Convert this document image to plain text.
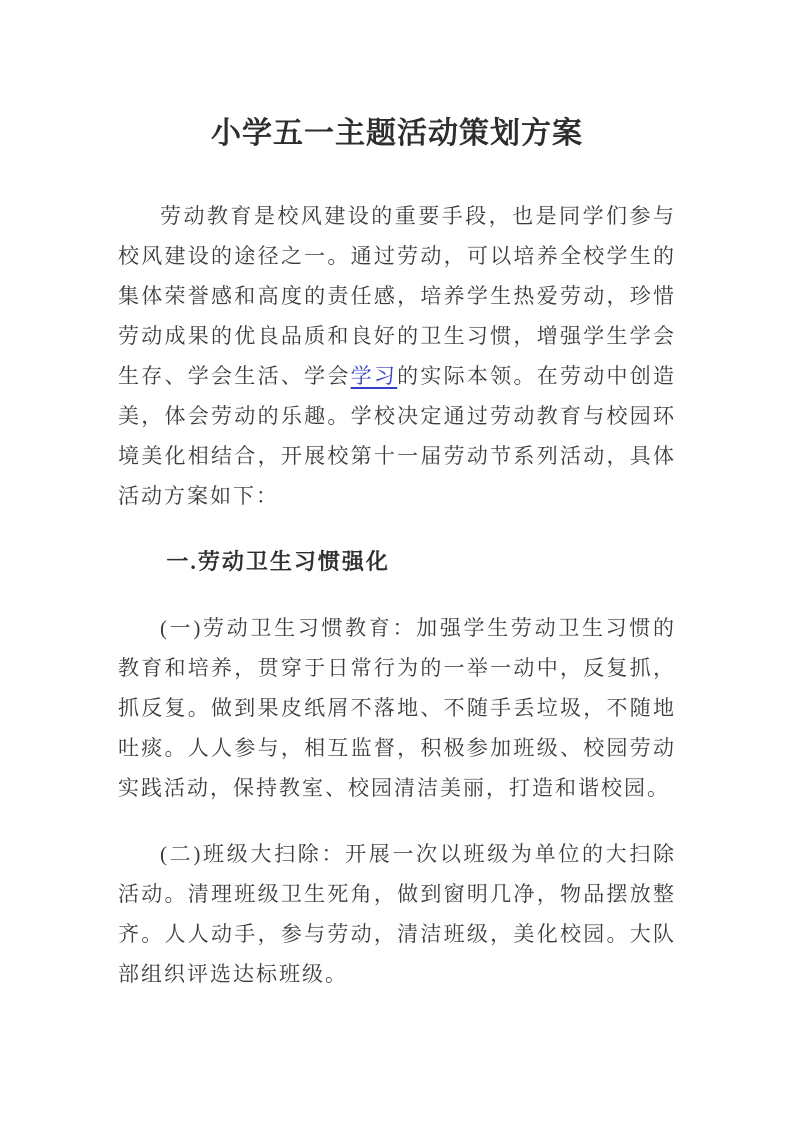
小学五一主题活动策划方案

劳动教育是校风建设的重要手段，也是同学们参与校风建设的途径之一。通过劳动，可以培养全校学生的集体荣誉感和高度的责任感，培养学生热爱劳动，珍惜劳动成果的优良品质和良好的卫生习惯，增强学生学会生存、学会生活、学会学习的实际本领。在劳动中创造美，体会劳动的乐趣。学校决定通过劳动教育与校园环境美化相结合，开展校第十一届劳动节系列活动，具体活动方案如下：

一.劳动卫生习惯强化

(一)劳动卫生习惯教育：加强学生劳动卫生习惯的教育和培养，贯穿于日常行为的一举一动中，反复抓，抓反复。做到果皮纸屑不落地、不随手丢垃圾，不随地吐痰。人人参与，相互监督，积极参加班级、校园劳动实践活动，保持教室、校园清洁美丽，打造和谐校园。

(二)班级大扫除：开展一次以班级为单位的大扫除活动。清理班级卫生死角，做到窗明几净，物品摆放整齐。人人动手，参与劳动，清洁班级，美化校园。大队部组织评选达标班级。
